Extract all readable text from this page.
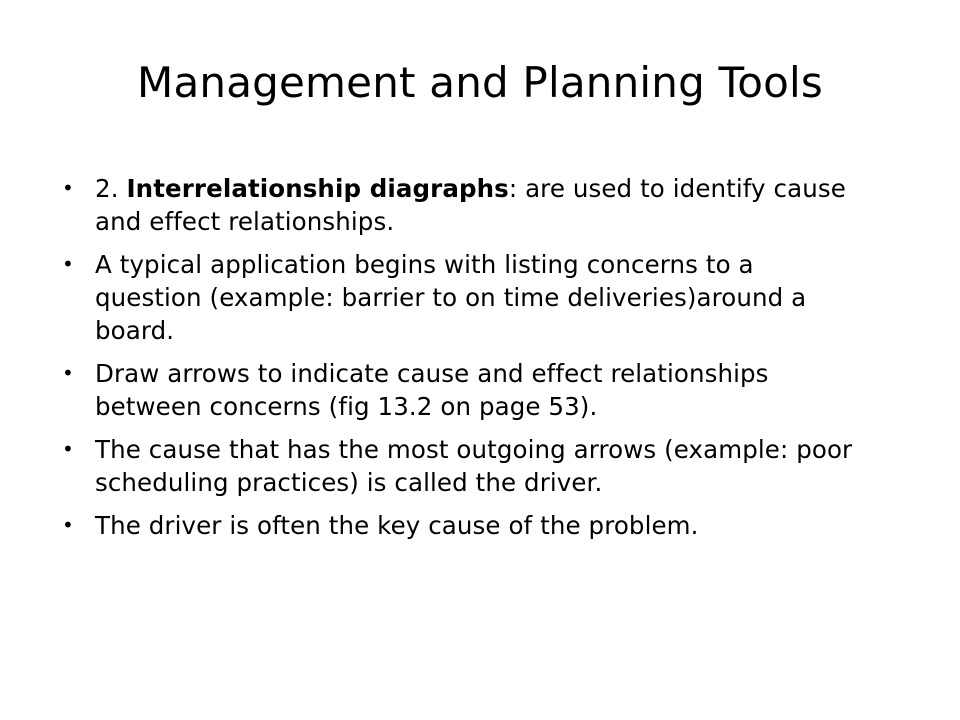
Management and Planning Tools
• 2. Interrelationship diagraphs: are used to identify cause and effect relationships.
• A typical application begins with listing concerns to a question (example: barrier to on time deliveries)around a board.
• Draw arrows to indicate cause and effect relationships between concerns (fig 13.2 on page 53).
• The cause that has the most outgoing arrows (example: poor scheduling practices) is called the driver.
• The driver is often the key cause of the problem.
